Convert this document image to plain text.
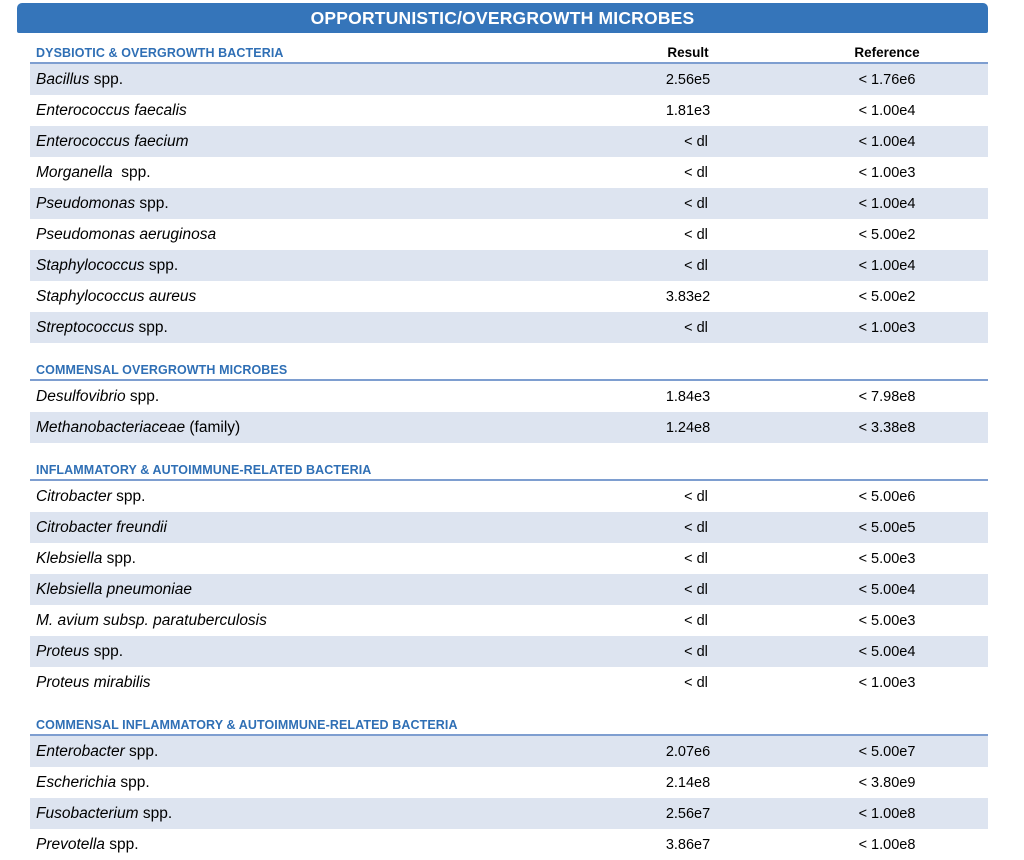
OPPORTUNISTIC/OVERGROWTH MICROBES
DYSBIOTIC & OVERGROWTH BACTERIA	Result	Reference
Bacillus spp.	2.56e5	< 1.76e6
Enterococcus faecalis	1.81e3	< 1.00e4
Enterococcus faecium	< dl	< 1.00e4
Morganella  spp.	< dl	< 1.00e3
Pseudomonas spp.	< dl	< 1.00e4
Pseudomonas aeruginosa	< dl	< 5.00e2
Staphylococcus spp.	< dl	< 1.00e4
Staphylococcus aureus	3.83e2	< 5.00e2
Streptococcus spp.	< dl	< 1.00e3
COMMENSAL OVERGROWTH MICROBES
Desulfovibrio spp.	1.84e3	< 7.98e8
Methanobacteriaceae (family)	1.24e8	< 3.38e8
INFLAMMATORY & AUTOIMMUNE-RELATED BACTERIA
Citrobacter spp.	< dl	< 5.00e6
Citrobacter freundii	< dl	< 5.00e5
Klebsiella spp.	< dl	< 5.00e3
Klebsiella pneumoniae	< dl	< 5.00e4
M. avium subsp. paratuberculosis	< dl	< 5.00e3
Proteus spp.	< dl	< 5.00e4
Proteus mirabilis	< dl	< 1.00e3
COMMENSAL INFLAMMATORY & AUTOIMMUNE-RELATED BACTERIA
Enterobacter spp.	2.07e6	< 5.00e7
Escherichia spp.	2.14e8	< 3.80e9
Fusobacterium spp.	2.56e7	< 1.00e8
Prevotella spp.	3.86e7	< 1.00e8
